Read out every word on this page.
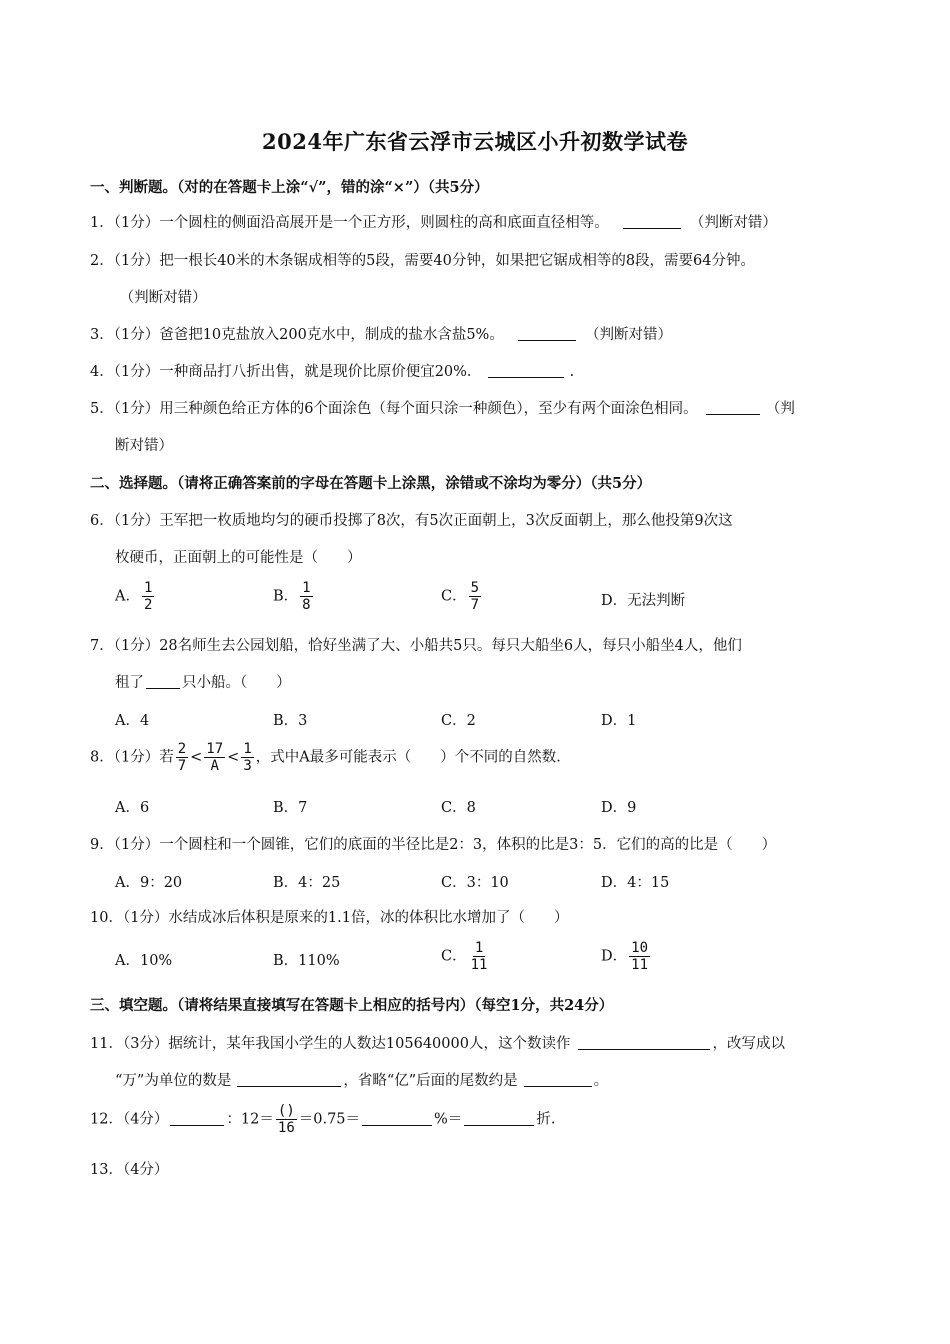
2024年广东省云浮市云城区小升初数学试卷
一、判断题。（对的在答题卡上涂“√”，错的涂“×”）（共5分）
1．（1分）一个圆柱的侧面沿高展开是一个正方形，则圆柱的高和底面直径相等。	（判断对错）
2．（1分）把一根长40米的木条锯成相等的5段，需要40分钟，如果把它锯成相等的8段，需要64分钟。
（判断对错）
3．（1分）爸爸把10克盐放入200克水中，制成的盐水含盐5%。	（判断对错）
4．（1分）一种商品打八折出售，就是现价比原价便宜20%．	.
5．（1分）用三种颜色给正方体的6个面涂色（每个面只涂一种颜色），至少有两个面涂色相同。	（判
断对错）
二、选择题。（请将正确答案前的字母在答题卡上涂黑，涂错或不涂均为零分）（共5分）
6．（1分）王军把一枚质地均匀的硬币投掷了8次，有5次正面朝上，3次反面朝上，那么他投第9次这
枚硬币，正面朝上的可能性是（　　）
A． $\frac{1}{2}$	B． $\frac{1}{8}$	C． $\frac{5}{7}$	D．无法判断
7．（1分）28名师生去公园划船，恰好坐满了大、小船共5只。每只大船坐6人，每只小船坐4人，他们
租了	只小船。（　　）
A．4	B．3	C．2	D．1
8．（1分）若 $\frac{2}{7} < \frac{17}{A} < \frac{1}{3}$ ，式中A最多可能表示（　　）个不同的自然数．
A．6	B．7	C．8	D．9
9．（1分）一个圆柱和一个圆锥，它们的底面的半径比是2：3，体积的比是3：5．它们的高的比是（　　）
A．9：20	B．4：25	C．3：10	D．4：15
10．（1分）水结成冰后体积是原来的1.1倍，冰的体积比水增加了（　　）
A．10%	B．110%	C． $\frac{1}{11}$	D． $\frac{10}{11}$
三、填空题。（请将结果直接填写在答题卡上相应的括号内）（每空1分，共24分）
11．（3分）据统计，某年我国小学生的人数达105640000人，这个数读作	，改写成以
“万”为单位的数是	，省略“亿”后面的尾数约是	。
12．（4分）	：$12= \frac{()}{16} =0.75=$	%＝	折.
13．（4分）
